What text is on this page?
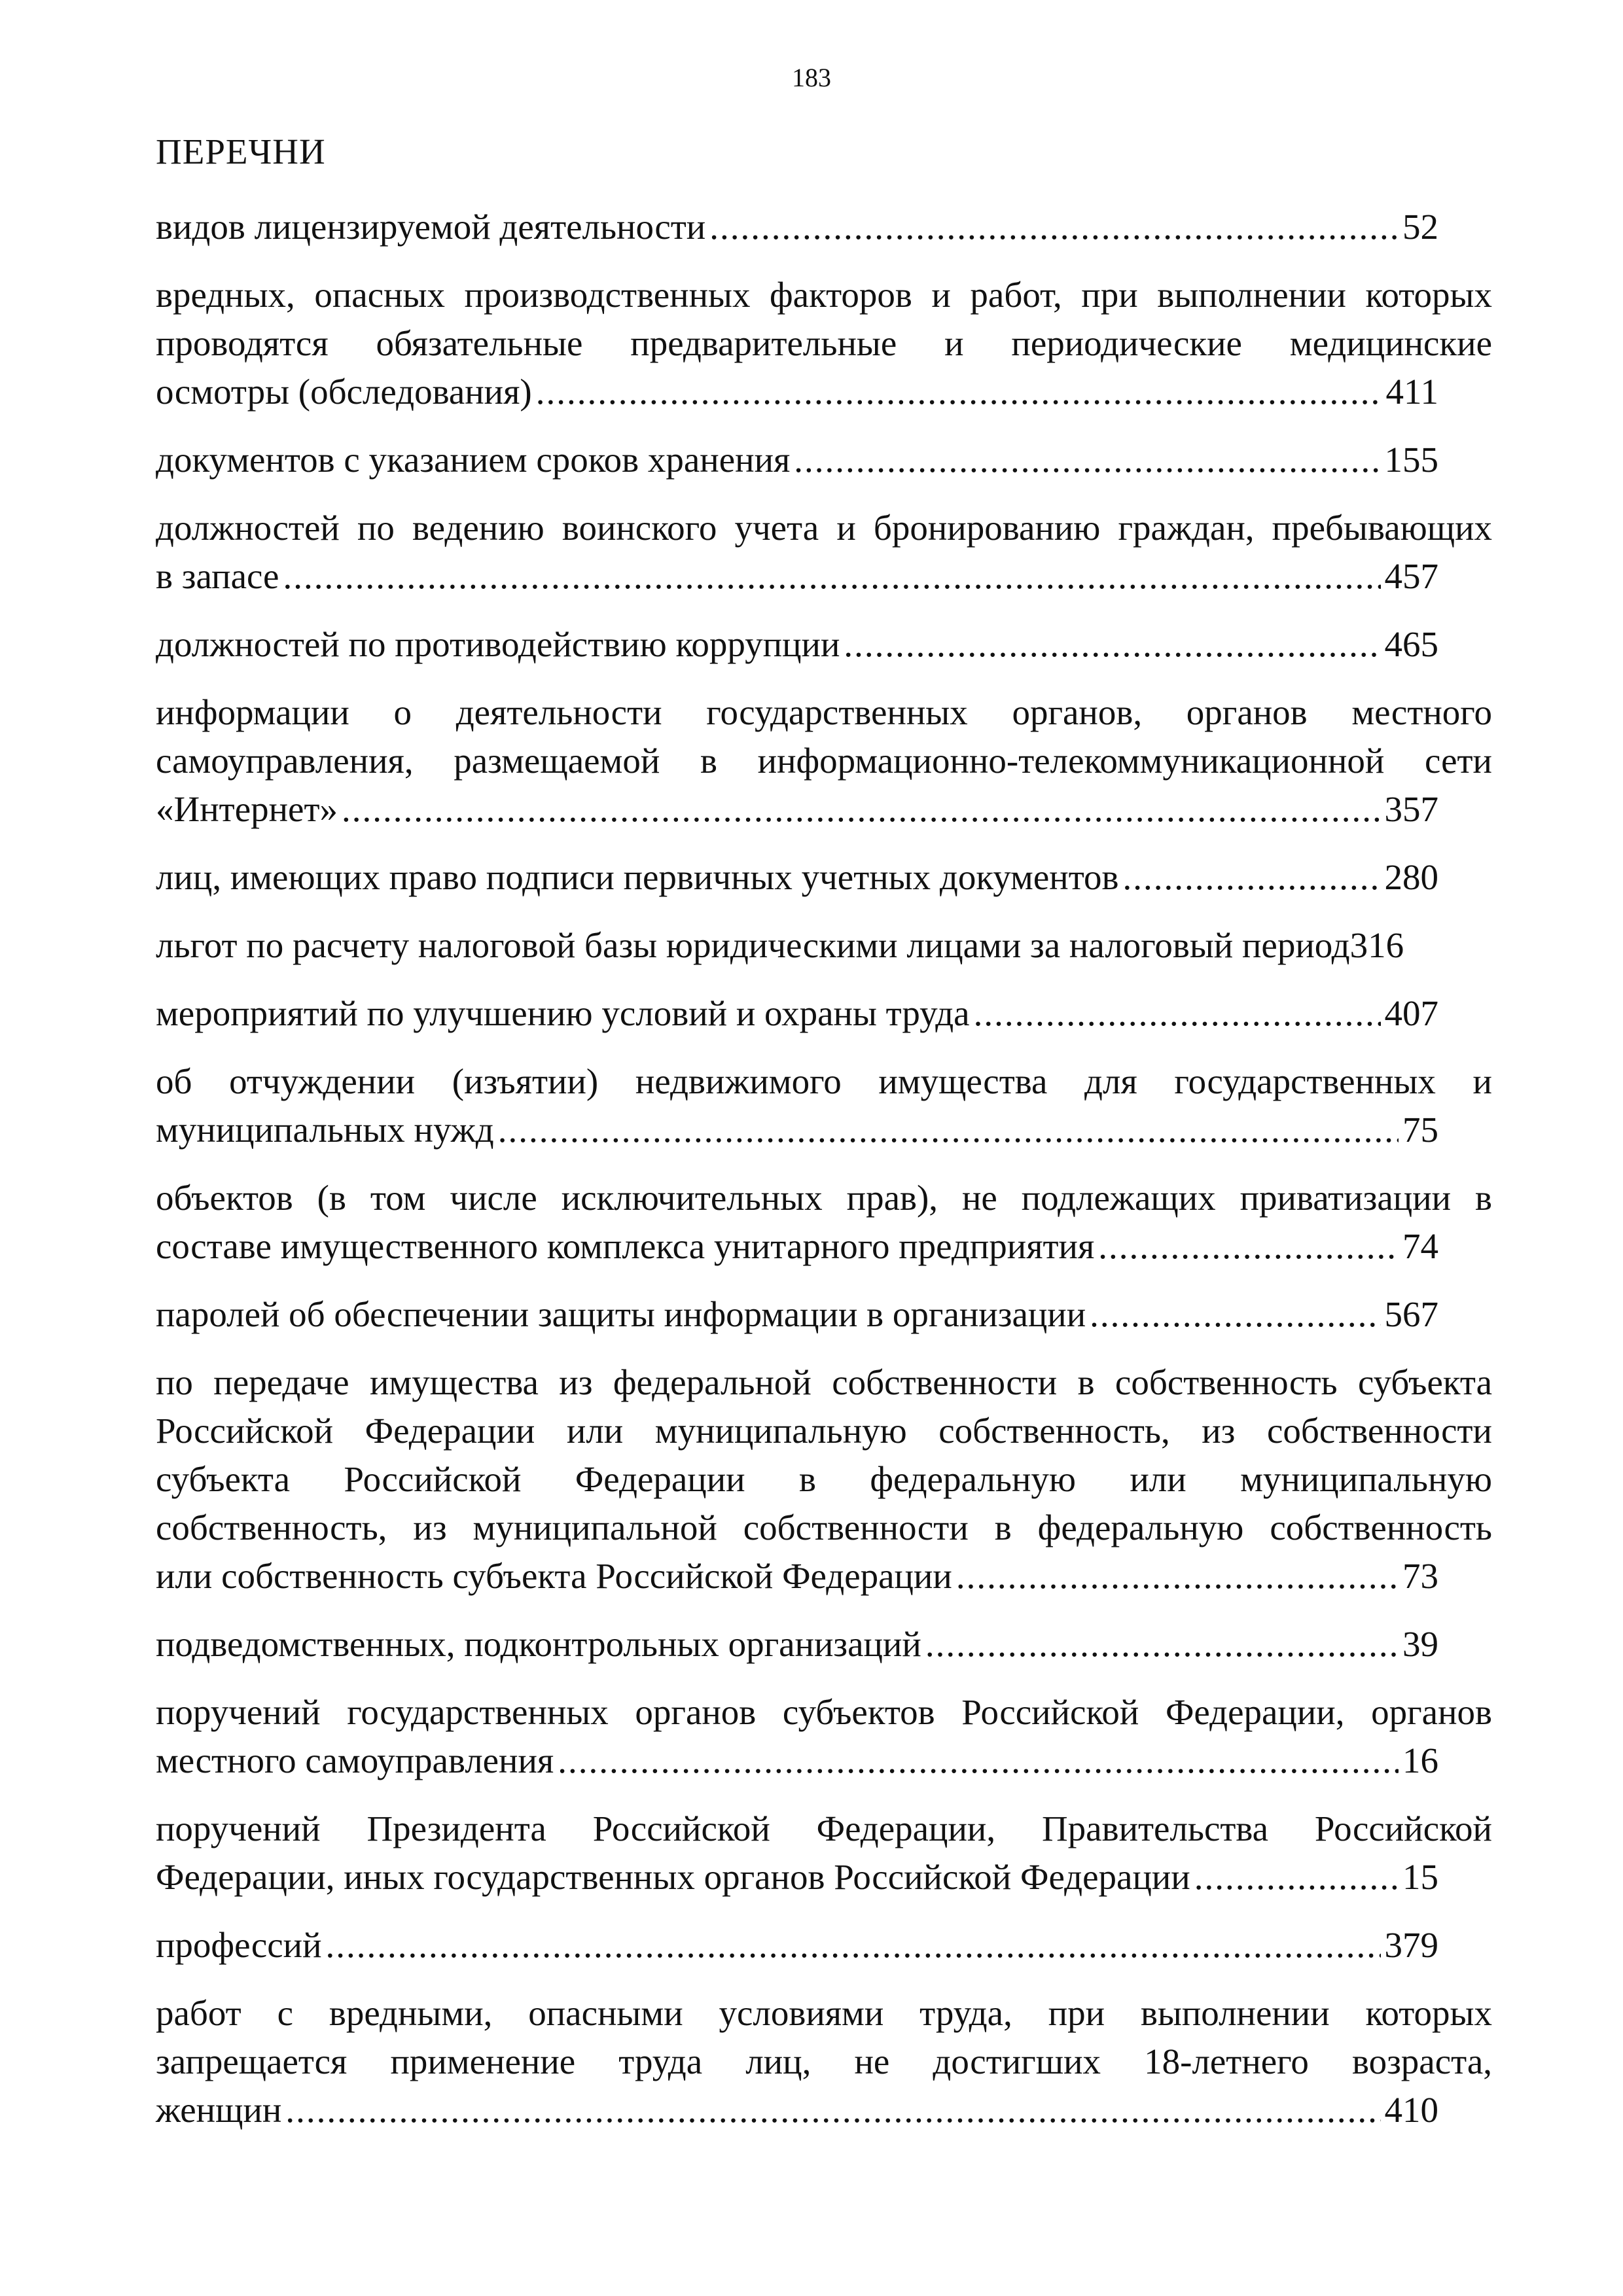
183
ПЕРЕЧНИ
видов лицензируемой деятельности .....	52
вредных, опасных производственных факторов и работ, при выполнении которых
проводятся обязательные предварительные и периодические медицинские
осмотры (обследования) .....	411
документов с указанием сроков хранения .....	155
должностей по ведению воинского учета и бронированию граждан, пребывающих
в запасе .....	457
должностей по противодействию коррупции .....	465
информации о деятельности государственных органов, органов местного
самоуправления, размещаемой в информационно-телекоммуникационной сети
«Интернет» .....	357
лиц, имеющих право подписи первичных учетных документов .....	280
льгот по расчету налоговой базы юридическими лицами за налоговый период 316
мероприятий по улучшению условий и охраны труда .....	407
об отчуждении (изъятии) недвижимого имущества для государственных и
муниципальных нужд .....	75
объектов (в том числе исключительных прав), не подлежащих приватизации в
составе имущественного комплекса унитарного предприятия .....	74
паролей об обеспечении защиты информации в организации .....	567
по передаче имущества из федеральной собственности в собственность субъекта
Российской Федерации или муниципальную собственность, из собственности
субъекта Российской Федерации в федеральную или муниципальную
собственность, из муниципальной собственности в федеральную собственность
или собственность субъекта Российской Федерации .....	73
подведомственных, подконтрольных организаций .....	39
поручений государственных органов субъектов Российской Федерации, органов
местного самоуправления .....	16
поручений Президента Российской Федерации, Правительства Российской
Федерации, иных государственных органов Российской Федерации .....	15
профессий .....	379
работ с вредными, опасными условиями труда, при выполнении которых
запрещается применение труда лиц, не достигших 18-летнего возраста,
женщин .....	410
